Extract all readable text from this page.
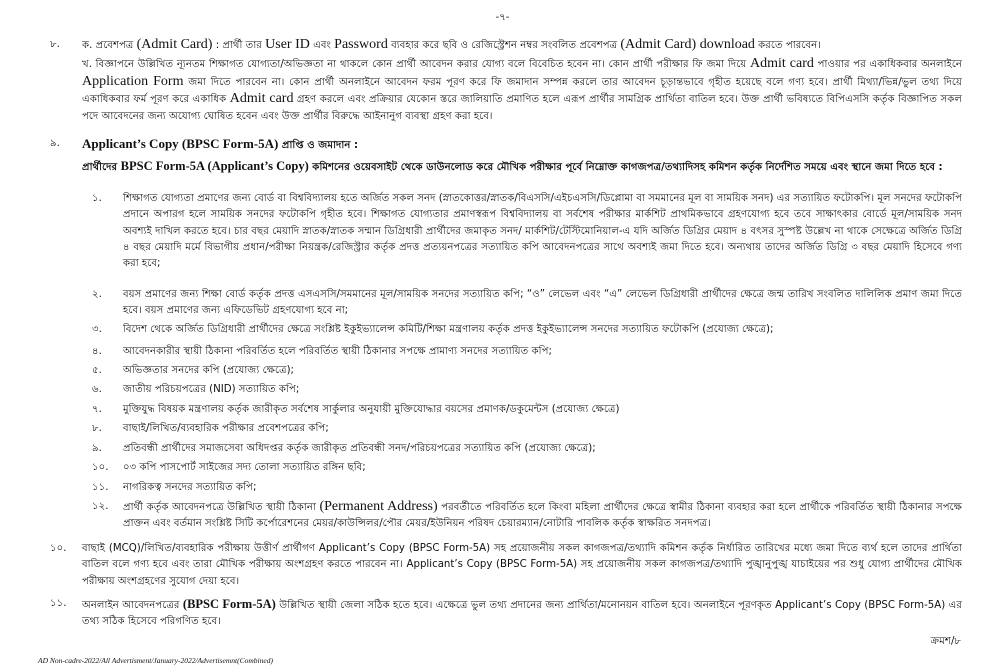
-৭-
৮.	ক. প্রবেশপত্র (Admit Card) : প্রার্থী তার User ID এবং Password ব্যবহার করে ছবি ও রেজিস্ট্রেশন নম্বর সংবলিত প্রবেশপত্র (Admit Card) download করতে পারবেন।
খ. বিজ্ঞাপনে উল্লিখিত ন্যূনতম শিক্ষাগত যোগ্যতা/অভিজ্ঞতা না থাকলে কোন প্রার্থী আবেদন করার যোগ্য বলে বিবেচিত হবেন না। কোন প্রার্থী পরীক্ষার ফি জমা দিয়ে Admit card পাওয়ার পর একাধিকবার অনলাইনে Application Form জমা দিতে পারবেন না। কোন প্রার্থী অনলাইনে আবেদন ফরম পূরণ করে ফি জমাদান সম্পন্ন করলে তার আবেদন চূড়ান্তভাবে গৃহীত হয়েছে বলে গণ্য হবে। প্রার্থী মিথ্যা/ভিন্ন/ভুল তথ্য দিয়ে একাধিকবার ফর্ম পূরণ করে একাধিক Admit card গ্রহণ করলে এবং প্রক্রিয়ার যেকোন স্তরে জালিয়াতি প্রমাণিত হলে এরূপ প্রার্থীর সামগ্রিক প্রার্থিতা বাতিল হবে। উক্ত প্রার্থী ভবিষ্যতে বিপিএসসি কর্তৃক বিজ্ঞাপিত সকল পদে আবেদনের জন্য অযোগ্য ঘোষিত হবেন এবং উক্ত প্রার্থীর বিরুদ্ধে আইনানুগ ব্যবস্থা গ্রহণ করা হবে।
৯.	Applicant’s Copy (BPSC Form-5A) প্রাপ্তি ও জমাদান :
প্রার্থীদের BPSC Form-5A (Applicant’s Copy) কমিশনের ওয়েবসাইট থেকে ডাউনলোড করে মৌখিক পরীক্ষার পূর্বে নিম্নোক্ত কাগজপত্র/তথ্যাদিসহ কমিশন কর্তৃক নির্দেশিত সময়ে এবং স্থানে জমা দিতে হবে :
১.	শিক্ষাগত যোগ্যতা প্রমাণের জন্য বোর্ড বা বিশ্ববিদ্যালয় হতে অর্জিত সকল সনদ (স্নাতকোত্তর/স্নাতক/বিএসসি/এইচএসসি/ডিপ্লোমা বা সমমানের মূল বা সাময়িক সনদ) এর সত্যায়িত ফটোকপি। মূল সনদের ফটোকপি প্রদানে অপারগ হলে সাময়িক সনদের ফটোকপি গৃহীত হবে। শিক্ষাগত যোগ্যতার প্রমাণস্বরূপ বিশ্ববিদ্যালয় বা সর্বশেষ পরীক্ষার মার্কশিট প্রাথমিকভাবে গ্রহণযোগ্য হবে তবে সাক্ষাৎকার বোর্ডে মূল/সাময়িক সনদ অবশ্যই দাখিল করতে হবে। চার বছর মেয়াদি স্নাতক/স্নাতক সম্মান ডিগ্রিধারী প্রার্থীদের জমাকৃত সনদ/ মার্কশিট/টেস্টিমোনিয়াল-এ যদি অর্জিত ডিগ্রির মেয়াদ ৪ বৎসর সুস্পষ্ট উল্লেখ না থাকে সেক্ষেত্রে অর্জিত ডিগ্রি ৪ বছর মেয়াদি মর্মে বিভাগীয় প্রধান/পরীক্ষা নিয়ন্ত্রক/রেজিস্ট্রার কর্তৃক প্রদত্ত প্রত্যয়নপত্রের সত্যায়িত কপি আবেদনপত্রের সাথে অবশ্যই জমা দিতে হবে। অন্যথায় তাদের অর্জিত ডিগ্রি ৩ বছর মেয়াদি হিসেবে গণ্য করা হবে;
২.	বয়স প্রমাণের জন্য শিক্ষা বোর্ড কর্তৃক প্রদত্ত এসএসসি/সমমানের মূল/সাময়িক সনদের সত্যায়িত কপি; “ও” লেভেল এবং “এ” লেভেল ডিগ্রিধারী প্রার্থীদের ক্ষেত্রে জন্ম তারিখ সংবলিত দালিলিক প্রমাণ জমা দিতে হবে। বয়স প্রমাণের জন্য এফিডেভিট গ্রহণযোগ্য হবে না;
৩.	বিদেশ থেকে অর্জিত ডিগ্রিধারী প্রার্থীদের ক্ষেত্রে সংশ্লিষ্ট ইকুইভ্যালেন্স কমিটি/শিক্ষা মন্ত্রণালয় কর্তৃক প্রদত্ত ইকুইভ্যালেন্স সনদের সত্যায়িত ফটোকপি (প্রযোজ্য ক্ষেত্রে);
৪.	আবেদনকারীর স্থায়ী ঠিকানা পরিবর্তিত হলে পরিবর্তিত স্থায়ী ঠিকানার সপক্ষে প্রামাণ্য সনদের সত্যায়িত কপি;
৫.	অভিজ্ঞতার সনদের কপি (প্রযোজ্য ক্ষেত্রে);
৬.	জাতীয় পরিচয়পত্রের (NID) সত্যায়িত কপি;
৭.	মুক্তিযুদ্ধ বিষয়ক মন্ত্রণালয় কর্তৃক জারীকৃত সর্বশেষ সার্কুলার অনুযায়ী মুক্তিযোদ্ধার বয়সের প্রমাণক/ডকুমেন্টস (প্রযোজ্য ক্ষেত্রে)
৮.	বাছাই/লিখিত/ব্যবহারিক পরীক্ষার প্রবেশপত্রের কপি;
৯.	প্রতিবন্ধী প্রার্থীদের সমাজসেবা অধিদপ্তর কর্তৃক জারীকৃত প্রতিবন্ধী সনদ/পরিচয়পত্রের সত্যায়িত কপি (প্রযোজ্য ক্ষেত্রে);
১০.	০৩ কপি পাসপোর্ট সাইজের সদ্য তোলা সত্যায়িত রঙ্গিন ছবি;
১১.	নাগরিকত্ব সনদের সত্যায়িত কপি;
১২.	প্রার্থী কর্তৃক আবেদনপত্রে উল্লিখিত স্থায়ী ঠিকানা (Permanent Address) পরবর্তীতে পরিবর্তিত হলে কিংবা মহিলা প্রার্থীদের ক্ষেত্রে স্বামীর ঠিকানা ব্যবহার করা হলে প্রার্থীকে পরিবর্তিত স্থায়ী ঠিকানার সপক্ষে প্রাক্তন এবং বর্তমান সংশ্লিষ্ট সিটি কর্পোরেশনের মেয়র/কাউন্সিলর/পৌর মেয়র/ইউনিয়ন পরিষদ চেয়ারম্যান/নোটারি পাবলিক কর্তৃক স্বাক্ষরিত সনদপত্র।
১০.	বাছাই (MCQ)/লিখিত/ব্যবহারিক পরীক্ষায় উত্তীর্ণ প্রার্থীগণ Applicant’s Copy (BPSC Form-5A) সহ প্রয়োজনীয় সকল কাগজপত্র/তথ্যাদি কমিশন কর্তৃক নির্ধারিত তারিখের মধ্যে জমা দিতে ব্যর্থ হলে তাদের প্রার্থিতা বাতিল বলে গণ্য হবে এবং তারা মৌখিক পরীক্ষায় অংশগ্রহণ করতে পারবেন না। Applicant’s Copy (BPSC Form-5A) সহ প্রয়োজনীয় সকল কাগজপত্র/তথ্যাদি পুঙ্খানুপুঙ্খ যাচাইয়ের পর শুধু যোগ্য প্রার্থীদের মৌখিক পরীক্ষায় অংশগ্রহণের সুযোগ দেয়া হবে।
১১.	অনলাইন আবেদনপত্রের (BPSC Form-5A) উল্লিখিত স্থায়ী জেলা সঠিক হতে হবে। এক্ষেত্রে ভুল তথ্য প্রদানের জন্য প্রার্থিতা/মনোনয়ন বাতিল হবে। অনলাইনে পূরণকৃত Applicant’s Copy (BPSC Form-5A) এর তথ্য সঠিক হিসেবে পরিগণিত হবে।
ক্রমশ/৮
AD Non-cadre-2022/All Advertisment/January-2022/Advertisemnt(Combined)
